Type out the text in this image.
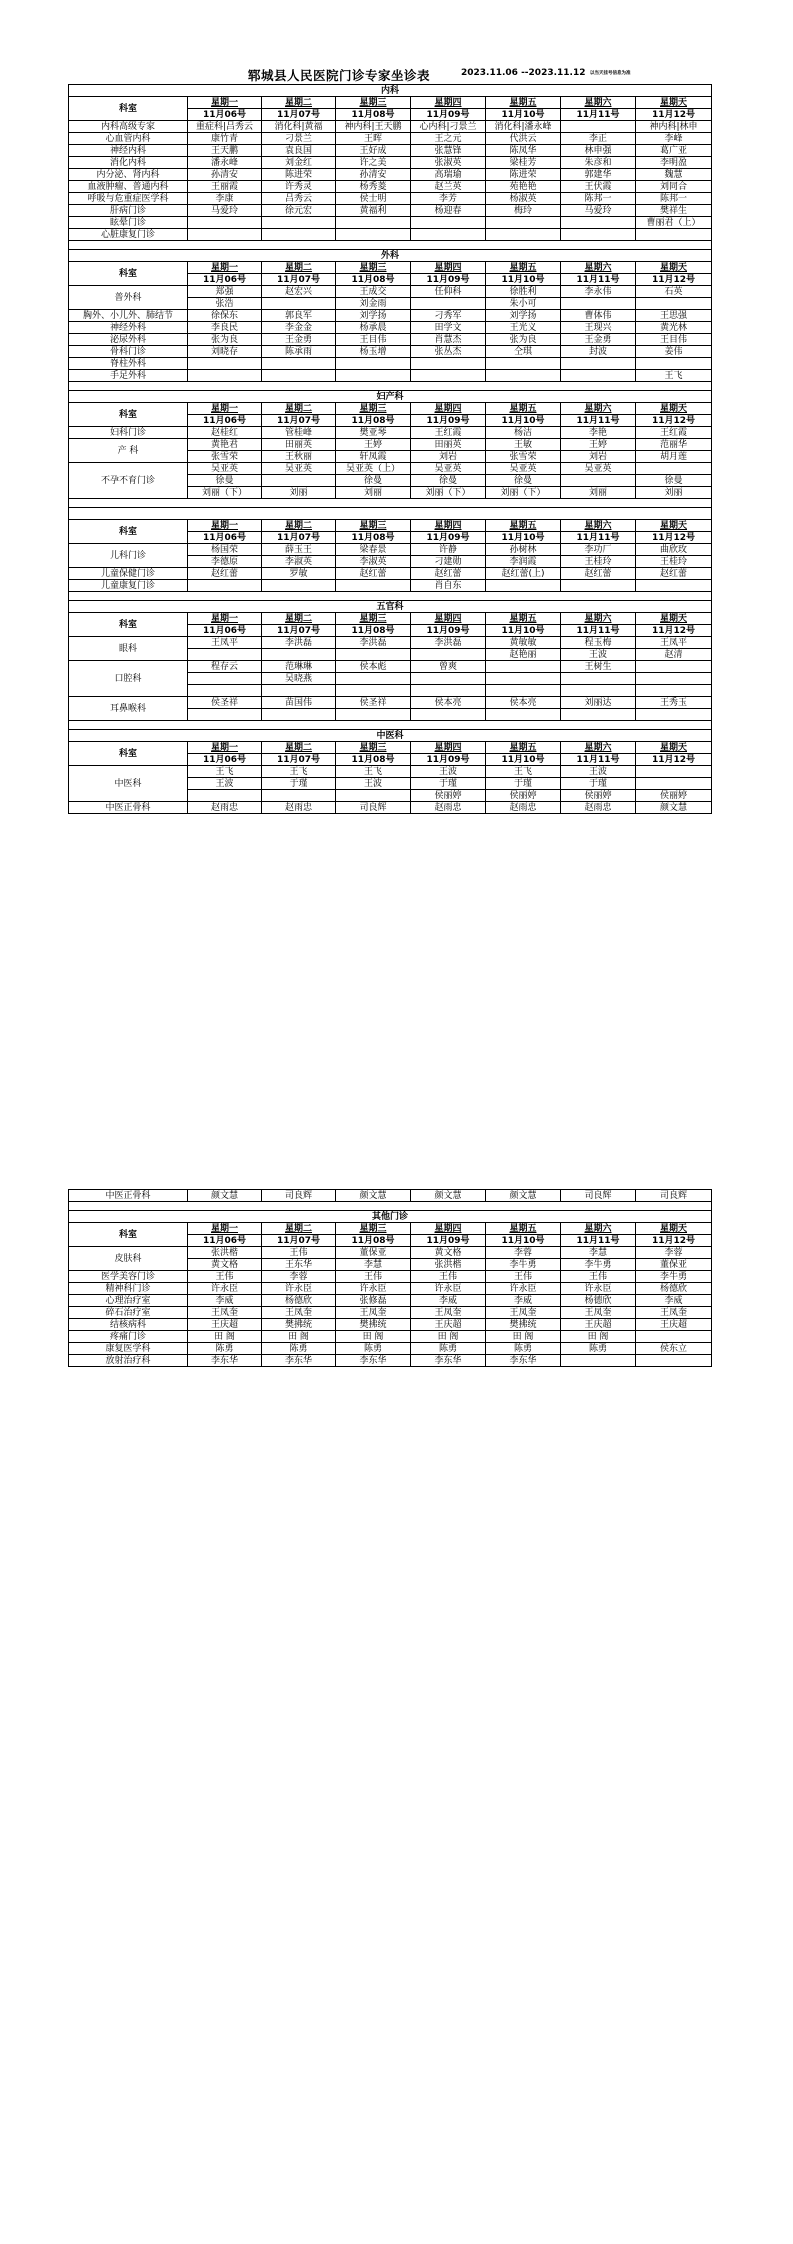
郓城县人民医院门诊专家坐诊表	2023.11.06 --2023.11.12 以当天挂号信息为准
内科							
科室	星期一	星期二	星期三	星期四	星期五	星期六	星期天
	11月06号	11月07号	11月08号	11月09号	11月10号	11月11号	11月12号
内科高级专家	重症科|吕秀云	消化科|黄福	神内科|王天鹏	心内科|刁景兰	消化科|潘永峰		神内科|林申
心血管内科	康竹青	刁景兰	王晖	王之元	代洪云	李正	李峰
神经内科	王天鹏	袁良国	王好成	张慧锋	陈凤华	林申强	葛广亚
消化内科	潘永峰	刘金红	许之美	张淑英	梁桂芳	朱彦和	李明盈
内分泌、肾内科	孙清安	陈进荣	孙清安	高瑞瑜	陈进荣	郭建华	魏慧
血液肿瘤、普通内科	王丽霞	许秀灵	杨秀菱	赵兰英	苑艳艳	王伏霞	刘同合
呼吸与危重症医学科	李康	吕秀云	侯士明	李芳	杨淑英	陈邦一	陈邦一
肝病门诊	马爱玲	徐元宏	黄福利	杨迎春	梅玲	马爱玲	樊祥生
眩晕门诊							曹丽君（上）
心脏康复门诊							

外科							
科室	星期一	星期二	星期三	星期四	星期五	星期六	星期天
	11月06号	11月07号	11月08号	11月09号	11月10号	11月11号	11月12号
普外科	郑强	赵宏兴	王成交	任仰科	徐胜利	李永伟	石英
	张浩		刘金雨		朱小可		
胸外、小儿外、肺结节	徐保东	郭良军	刘学扬	刁秀军	刘学扬	曹体伟	王思强
神经外科	李良民	李金金	杨承晨	田学文	王光义	王现兴	黄光林
泌尿外科	张为良	王金勇	王目伟	肖慧杰	张为良	王金勇	王目伟
骨科门诊	刘晓存	陈承雨	杨玉增	张丛杰	仝琪	封波	姜伟
脊柱外科							
手足外科							王飞

妇产科							
科室	星期一	星期二	星期三	星期四	星期五	星期六	星期天
	11月06号	11月07号	11月08号	11月09号	11月10号	11月11号	11月12号
妇科门诊	赵桂红	管桂峰	樊亚琴	王红霞	杨洁	李艳	王红霞
产 科	黄艳君	田丽英	王婷	田丽英	王敏	王婷	范丽华
	张雪荣	王秋丽	轩凤霞	刘岩	张雪荣	刘岩	胡月莲
不孕不育门诊	吴亚英	吴亚英	吴亚英（上）	吴亚英	吴亚英	吴亚英	
	徐曼		徐曼	徐曼	徐曼		徐曼
	刘丽（下）	刘丽	刘丽	刘丽（下）	刘丽（下）	刘丽	刘丽

科室	星期一	星期二	星期三	星期四	星期五	星期六	星期天
	11月06号	11月07号	11月08号	11月09号	11月10号	11月11号	11月12号
儿科门诊	杨国荣	薛玉王	梁春景	许静	孙树林	李功厂	曲欣玫
	李德原	李淑英	李淑英	刁建勋	李润霞	王桂玲	王桂玲
儿童保健门诊	赵红蕾	罗敏	赵红蕾	赵红蕾	赵红蕾(上)	赵红蕾	赵红蕾
儿童康复门诊				肖自东			

五官科							
科室	星期一	星期二	星期三	星期四	星期五	星期六	星期天
	11月06号	11月07号	11月08号	11月09号	11月10号	11月11号	11月12号
眼科	王凤平	李洪磊	李洪磊	李洪磊	黄敏敏	程玉梅	王凤平
					赵艳丽	王波	赵清
口腔科	程存云	范琳琳	侯本彪	曾爽		王树生	
		吴晓燕					

耳鼻喉科	侯圣祥	苗国伟	侯圣祥	侯本亮	侯本亮	刘丽达	王秀玉

中医科							
科室	星期一	星期二	星期三	星期四	星期五	星期六	星期天
	11月06号	11月07号	11月08号	11月09号	11月10号	11月11号	11月12号
中医科	王飞	王飞	王飞	王波	王飞	王波	
	王波	于瑾	王波	于瑾	于瑾	于瑾	
				侯丽婷	侯丽婷	侯丽婷	侯丽婷
中医正骨科	赵雨忠	赵雨忠	司良辉	赵雨忠	赵雨忠	赵雨忠	颜文慧
中医正骨科	颜文慧	司良辉	颜文慧	颜文慧	颜文慧	司良辉	司良辉

其他门诊							
科室	星期一	星期二	星期三	星期四	星期五	星期六	星期天
	11月06号	11月07号	11月08号	11月09号	11月10号	11月11号	11月12号
皮肤科	张洪楷	王伟	董保亚	黄文格	李蓉	李慧	李蓉
	黄文格	王东华	李慧	张洪楷	李牛勇	李牛勇	董保亚
医学美容门诊	王伟	李蓉	王伟	王伟	王伟	王伟	李牛勇
精神科门诊	许永臣	许永臣	许永臣	许永臣	许永臣	许永臣	杨德欣
心理治疗室	李威	杨德欣	张修磊	李威	李威	杨德欣	李威
碎石治疗室	王凤奎	王凤奎	王凤奎	王凤奎	王凤奎	王凤奎	王凤奎
结核病科	王庆超	樊拂统	樊拂统	王庆超	樊拂统	王庆超	王庆超
疼痛门诊	田 阁	田 阁	田 阁	田 阁	田 阁	田 阁	
康复医学科	陈勇	陈勇	陈勇	陈勇	陈勇	陈勇	侯东立
放射治疗科	李东华	李东华	李东华	李东华	李东华		
